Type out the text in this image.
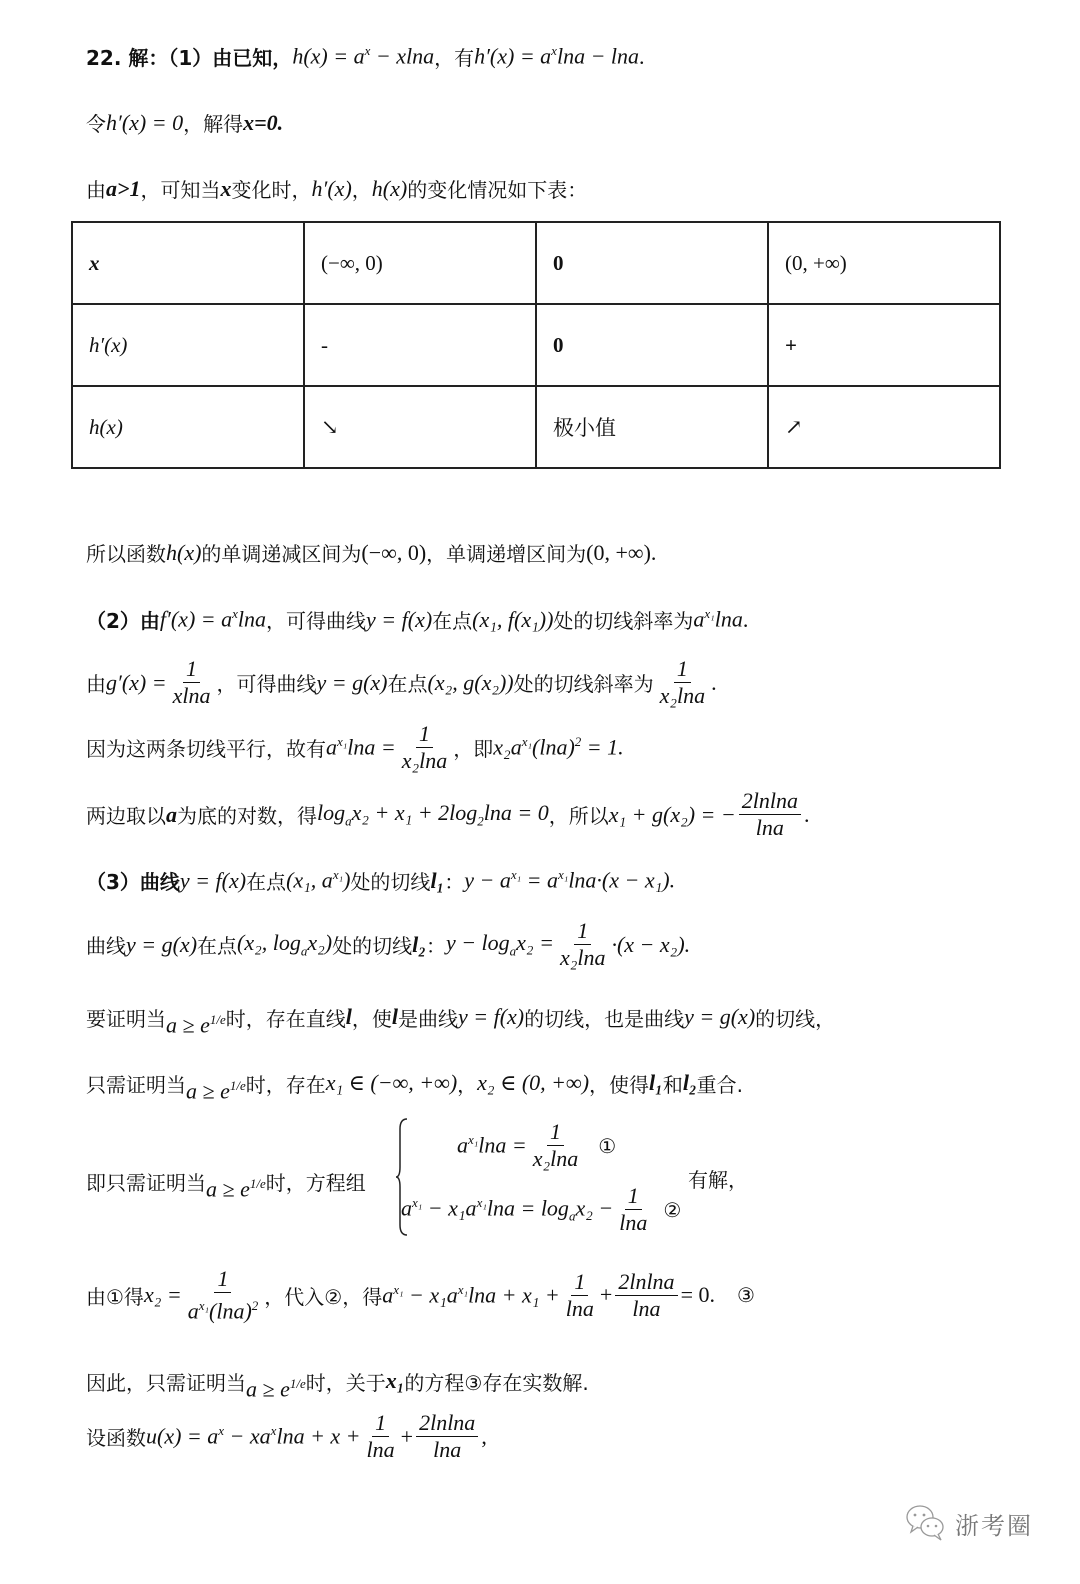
22. 解：（1）由已知， $h(x) = a^x - xlna$ ，有 $h'(x) = a^x\ln a - \ln a$ .
令 h′(x) = 0 ，解得 x=0.
由 a>1 ，可知当 x 变化时， h′(x) ， h(x) 的变化情况如下表：
x	(−∞, 0)	0	(0, +∞)
h′(x)	-	0	+
h(x)	↘	极小值	↗
所以函数 h(x) 的单调递减区间为 (−∞, 0) ，单调递增区间为 (0, +∞) .
（2）由 $f'(x) = a^x\ln a$ ，可得曲线 y = f(x) 在点 (x₁, f(x₁)) 处的切线斜率为 $a^{x_1}\ln a$ .
由 $g'(x) = \frac{1}{xlna}$ ，可得曲线 y = g(x) 在点 (x₂, g(x₂)) 处的切线斜率为 $\frac{1}{\text{x₂lna}}$ .
因为这两条切线平行，故有 $a^{x_1}\ln a = \frac{1}{\text{x₂lna}}$ ，即 $x_2a^{x_1}(\ln a)^2 = 1$.
两边取以 a 为底的对数，得 $\log_ax_2 + x_1 + 2\log_2\ln a = 0$ ，所以 x₁ + g(x₂) = − $\frac{2lnlna}{\ln a}$ .
（3）曲线 y = f(x) 在点 (x₁, $a^{x_1}$) 处的切线 l₁ ： $y - a^{x_1} = a^{x_1}\ln a\cdot(x - x_1)$.
曲线 y = g(x) 在点 (x₂, $\log_ax_2$) 处的切线 l₂ ： $y - \log_ax_2 = \frac{1}{\text{x₂lna}} \cdot(x - x_2)$.
要证明当 $a \ge e^{1/e}$ 时，存在直线 l ，使 l 是曲线 y = f(x) 的切线，也是曲线 y = g(x) 的切线，
只需证明当 $a \ge e^{1/e}$ 时，存在 x₁ ∈ (−∞, +∞) ， x₂ ∈ (0, +∞) ，使得 l₁ 和 l₂ 重合.
即只需证明当 $a \ge e^{1/e}$ 时，方程组
$a^{x_1}\ln a = \frac{1}{\text{x₂lna}}$ ①
$a^{x_1} - x_1a^{x_1}\ln a = \log_ax_2 - \frac{1}{\ln a}$ ②
有解，
由①得 $x_2 = \frac{1}{a^{x_1}(\ln a)^2}$ ，代入②，得 $a^{x_1} - x_1a^{x_1}\ln a + x_1 + \frac{1}{\ln a} + \frac{2lnlna}{\ln a} = 0$. ③
因此，只需证明当 $a \ge e^{1/e}$ 时，关于 x₁ 的方程③存在实数解.
设函数 $u(x) = a^x - xa^x\ln a + x + \frac{1}{\ln a} + \frac{2lnlna}{\ln a}$ ,
浙考圈
